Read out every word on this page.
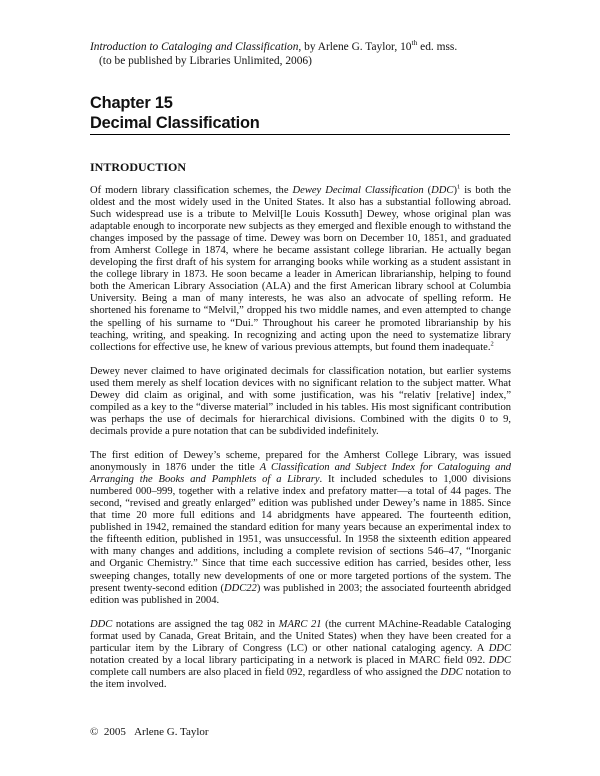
Introduction to Cataloging and Classification, by Arlene G. Taylor, 10th ed. mss.
(to be published by Libraries Unlimited, 2006)
Chapter 15
Decimal Classification
INTRODUCTION

Of modern library classification schemes, the Dewey Decimal Classification (DDC)$^1$ is both the oldest and the most widely used in the United States. It also has a substantial following abroad. Such widespread use is a tribute to Melvil[le Louis Kossuth] Dewey, whose original plan was adaptable enough to incorporate new subjects as they emerged and flexible enough to withstand the changes imposed by the passage of time. Dewey was born on December 10, 1851, and graduated from Amherst College in 1874, where he became assistant college librarian. He actually began developing the first draft of his system for arranging books while working as a student assistant in the college library in 1873. He soon became a leader in American librarianship, helping to found both the American Library Association (ALA) and the first American library school at Columbia University. Being a man of many interests, he was also an advocate of spelling reform. He shortened his forename to “Melvil,” dropped his two middle names, and even attempted to change the spelling of his surname to “Dui.” Throughout his career he promoted librarianship by his teaching, writing, and speaking. In recognizing and acting upon the need to systematize library collections for effective use, he knew of various previous attempts, but found them inadequate.$^2$

Dewey never claimed to have originated decimals for classification notation, but earlier systems used them merely as shelf location devices with no significant relation to the subject matter. What Dewey did claim as original, and with some justification, was his “relativ [relative] index,” compiled as a key to the “diverse material” included in his tables. His most significant contribution was perhaps the use of decimals for hierarchical divisions. Combined with the digits 0 to 9, decimals provide a pure notation that can be subdivided indefinitely.

The first edition of Dewey’s scheme, prepared for the Amherst College Library, was issued anonymously in 1876 under the title A Classification and Subject Index for Cataloguing and Arranging the Books and Pamphlets of a Library. It included schedules to 1,000 divisions numbered 000–999, together with a relative index and prefatory matter—a total of 44 pages. The second, “revised and greatly enlarged” edition was published under Dewey’s name in 1885. Since that time 20 more full editions and 14 abridgments have appeared. The fourteenth edition, published in 1942, remained the standard edition for many years because an experimental index to the fifteenth edition, published in 1951, was unsuccessful. In 1958 the sixteenth edition appeared with many changes and additions, including a complete revision of sections 546–47, “Inorganic and Organic Chemistry.” Since that time each successive edition has carried, besides other, less sweeping changes, totally new developments of one or more targeted portions of the system. The present twenty-second edition (DDC22) was published in 2003; the associated fourteenth abridged edition was published in 2004.

DDC notations are assigned the tag 082 in MARC 21 (the current MAchine-Readable Cataloging format used by Canada, Great Britain, and the United States) when they have been created for a particular item by the Library of Congress (LC) or other national cataloging agency. A DDC notation created by a local library participating in a network is placed in MARC field 092. DDC complete call numbers are also placed in field 092, regardless of who assigned the DDC notation to the item involved.

© 2005 Arlene G. Taylor
